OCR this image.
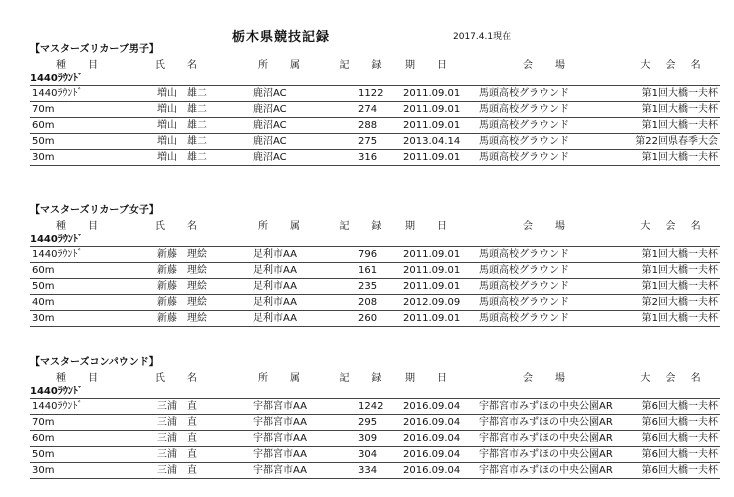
栃木県競技記録	2017.4.1現在
【マスターズリカーブ男子】
種　目	氏　名	所　属	記　録	期　日	会　場	大 会 名
1440ﾗｳﾝﾄﾞ						
1440ﾗｳﾝﾄﾞ	増山　雄二	鹿沼AC	1122	2011.09.01	馬頭高校グラウンド	第1回大橋一夫杯
70m	増山　雄二	鹿沼AC	274	2011.09.01	馬頭高校グラウンド	第1回大橋一夫杯
60m	増山　雄二	鹿沼AC	288	2011.09.01	馬頭高校グラウンド	第1回大橋一夫杯
50m	増山　雄二	鹿沼AC	275	2013.04.14	馬頭高校グラウンド	第22回県春季大会
30m	増山　雄二	鹿沼AC	316	2011.09.01	馬頭高校グラウンド	第1回大橋一夫杯
【マスターズリカーブ女子】
種　目	氏　名	所　属	記　録	期　日	会　場	大 会 名
1440ﾗｳﾝﾄﾞ						
1440ﾗｳﾝﾄﾞ	新藤　理絵	足利市AA	796	2011.09.01	馬頭高校グラウンド	第1回大橋一夫杯
60m	新藤　理絵	足利市AA	161	2011.09.01	馬頭高校グラウンド	第1回大橋一夫杯
50m	新藤　理絵	足利市AA	235	2011.09.01	馬頭高校グラウンド	第1回大橋一夫杯
40m	新藤　理絵	足利市AA	208	2012.09.09	馬頭高校グラウンド	第2回大橋一夫杯
30m	新藤　理絵	足利市AA	260	2011.09.01	馬頭高校グラウンド	第1回大橋一夫杯
【マスターズコンパウンド】
種　目	氏　名	所　属	記　録	期　日	会　場	大 会 名
1440ﾗｳﾝﾄﾞ						
1440ﾗｳﾝﾄﾞ	三浦　直	宇都宮市AA	1242	2016.09.04	宇都宮市みずほの中央公園AR	第6回大橋一夫杯
70m	三浦　直	宇都宮市AA	295	2016.09.04	宇都宮市みずほの中央公園AR	第6回大橋一夫杯
60m	三浦　直	宇都宮市AA	309	2016.09.04	宇都宮市みずほの中央公園AR	第6回大橋一夫杯
50m	三浦　直	宇都宮市AA	304	2016.09.04	宇都宮市みずほの中央公園AR	第6回大橋一夫杯
30m	三浦　直	宇都宮市AA	334	2016.09.04	宇都宮市みずほの中央公園AR	第6回大橋一夫杯
